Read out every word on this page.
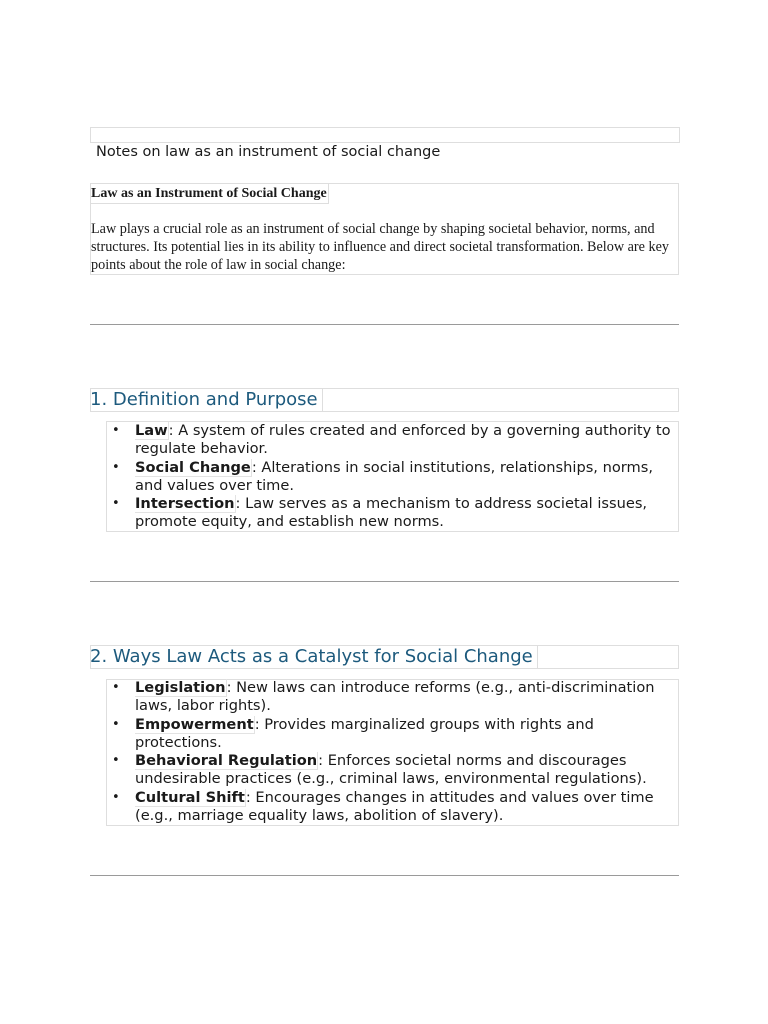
Notes on law as an instrument of social change
Law as an Instrument of Social Change

Law plays a crucial role as an instrument of social change by shaping societal behavior, norms, and structures. Its potential lies in its ability to influence and direct societal transformation. Below are key points about the role of law in social change:

1. Definition and Purpose
• Law: A system of rules created and enforced by a governing authority to regulate behavior.
• Social Change: Alterations in social institutions, relationships, norms, and values over time.
• Intersection: Law serves as a mechanism to address societal issues, promote equity, and establish new norms.
2. Ways Law Acts as a Catalyst for Social Change
• Legislation: New laws can introduce reforms (e.g., anti-discrimination laws, labor rights).
• Empowerment: Provides marginalized groups with rights and protections.
• Behavioral Regulation: Enforces societal norms and discourages undesirable practices (e.g., criminal laws, environmental regulations).
• Cultural Shift: Encourages changes in attitudes and values over time (e.g., marriage equality laws, abolition of slavery).
